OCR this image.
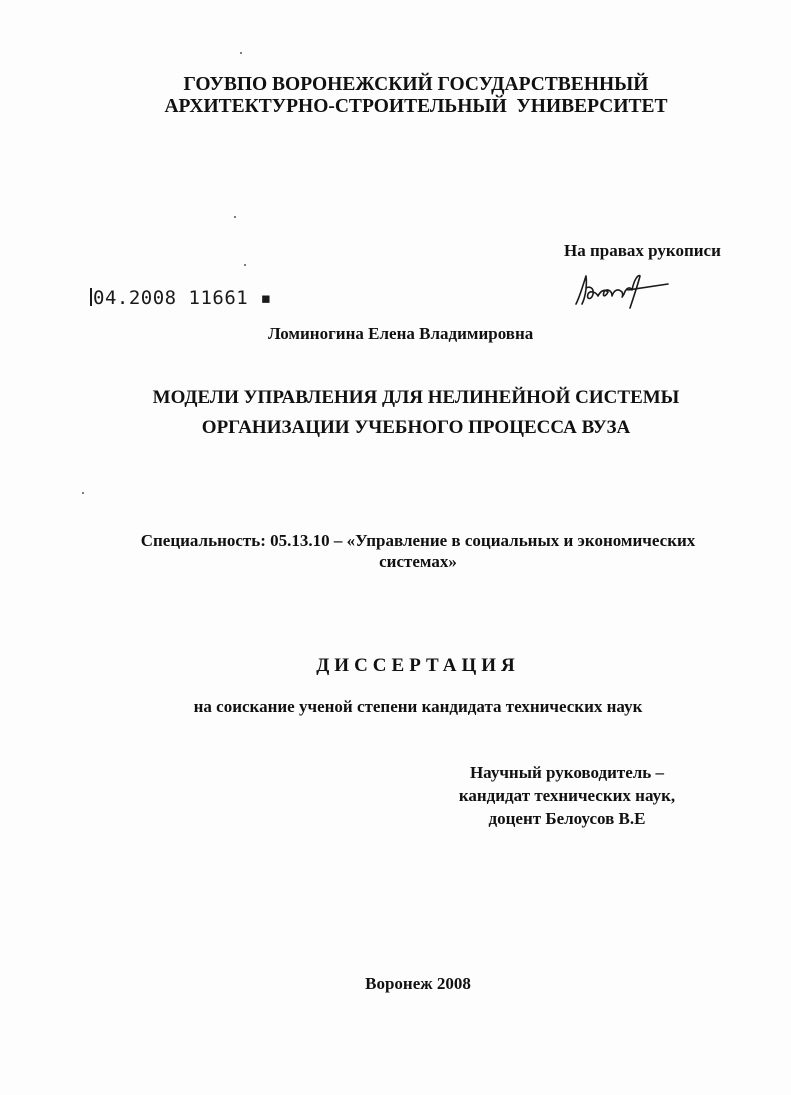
ГОУВПО ВОРОНЕЖСКИЙ ГОСУДАРСТВЕННЫЙ
АРХИТЕКТУРНО-СТРОИТЕЛЬНЫЙ  УНИВЕРСИТЕТ
На правах рукописи
04.2008 11661 ▪
Ломиногина Елена Владимировна
МОДЕЛИ УПРАВЛЕНИЯ ДЛЯ НЕЛИНЕЙНОЙ СИСТЕМЫ
ОРГАНИЗАЦИИ УЧЕБНОГО ПРОЦЕССА ВУЗА
Специальность: 05.13.10 – «Управление в социальных и экономических
системах»
ДИССЕРТАЦИЯ
на соискание ученой степени кандидата технических наук
Научный руководитель –
кандидат технических наук,
доцент Белоусов В.Е
Воронеж 2008
